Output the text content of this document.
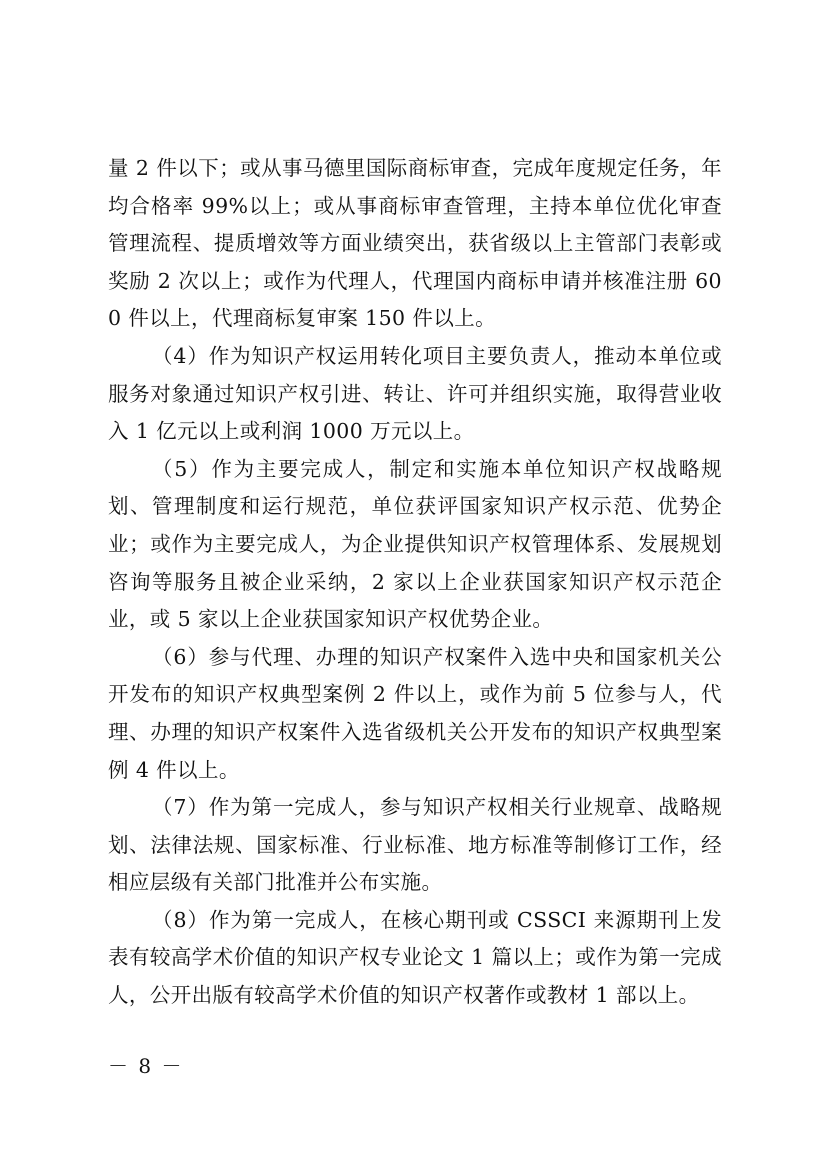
量 2 件以下；或从事马德里国际商标审查，完成年度规定任务，年均合格率 99%以上；或从事商标审查管理，主持本单位优化审查管理流程、提质增效等方面业绩突出，获省级以上主管部门表彰或奖励 2 次以上；或作为代理人，代理国内商标申请并核准注册 600 件以上，代理商标复审案 150 件以上。

（4）作为知识产权运用转化项目主要负责人，推动本单位或服务对象通过知识产权引进、转让、许可并组织实施，取得营业收入 1 亿元以上或利润 1000 万元以上。

（5）作为主要完成人，制定和实施本单位知识产权战略规划、管理制度和运行规范，单位获评国家知识产权示范、优势企业；或作为主要完成人，为企业提供知识产权管理体系、发展规划咨询等服务且被企业采纳，2 家以上企业获国家知识产权示范企业，或 5 家以上企业获国家知识产权优势企业。

（6）参与代理、办理的知识产权案件入选中央和国家机关公开发布的知识产权典型案例 2 件以上，或作为前 5 位参与人，代理、办理的知识产权案件入选省级机关公开发布的知识产权典型案例 4 件以上。

（7）作为第一完成人，参与知识产权相关行业规章、战略规划、法律法规、国家标准、行业标准、地方标准等制修订工作，经相应层级有关部门批准并公布实施。

（8）作为第一完成人，在核心期刊或 CSSCI 来源期刊上发表有较高学术价值的知识产权专业论文 1 篇以上；或作为第一完成人，公开出版有较高学术价值的知识产权著作或教材 1 部以上。

－ 8 －
